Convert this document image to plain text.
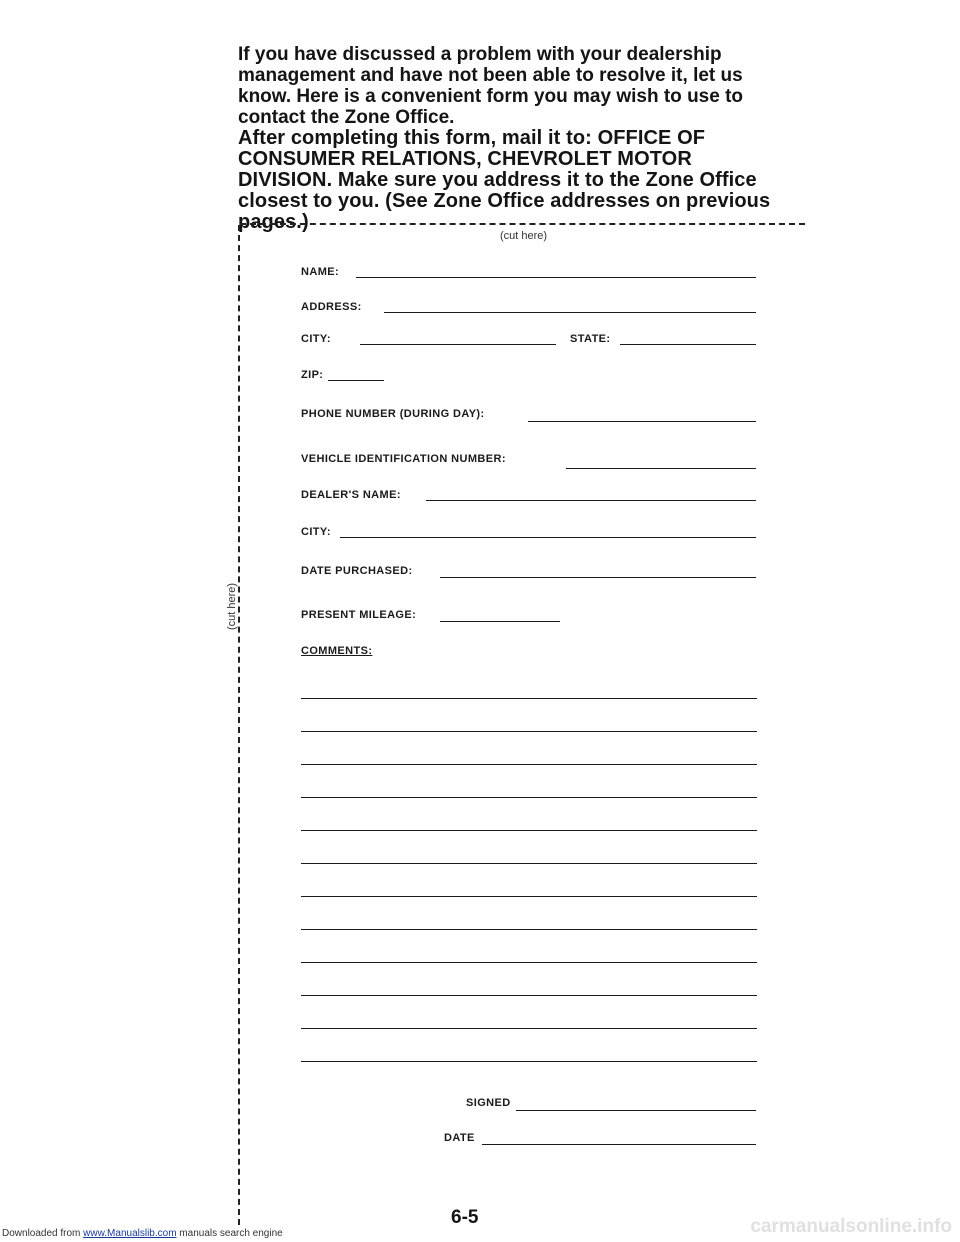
If you have discussed a problem with your dealership management and have not been able to resolve it, let us know. Here is a convenient form you may wish to use to contact the Zone Office.

After completing this form, mail it to: OFFICE OF CONSUMER RELATIONS, CHEVROLET MOTOR DIVISION. Make sure you address it to the Zone Office closest to you. (See Zone Office addresses on previous pages.)

(cut here)
(cut here)
NAME:
ADDRESS:
CITY:	STATE:
ZIP:
PHONE NUMBER (DURING DAY):
VEHICLE IDENTIFICATION NUMBER:
DEALER'S NAME:
CITY:
DATE PURCHASED:
PRESENT MILEAGE:
COMMENTS:
SIGNED
DATE
6-5
Downloaded from www.Manualslib.com manuals search engine	carmanualsonline.info
